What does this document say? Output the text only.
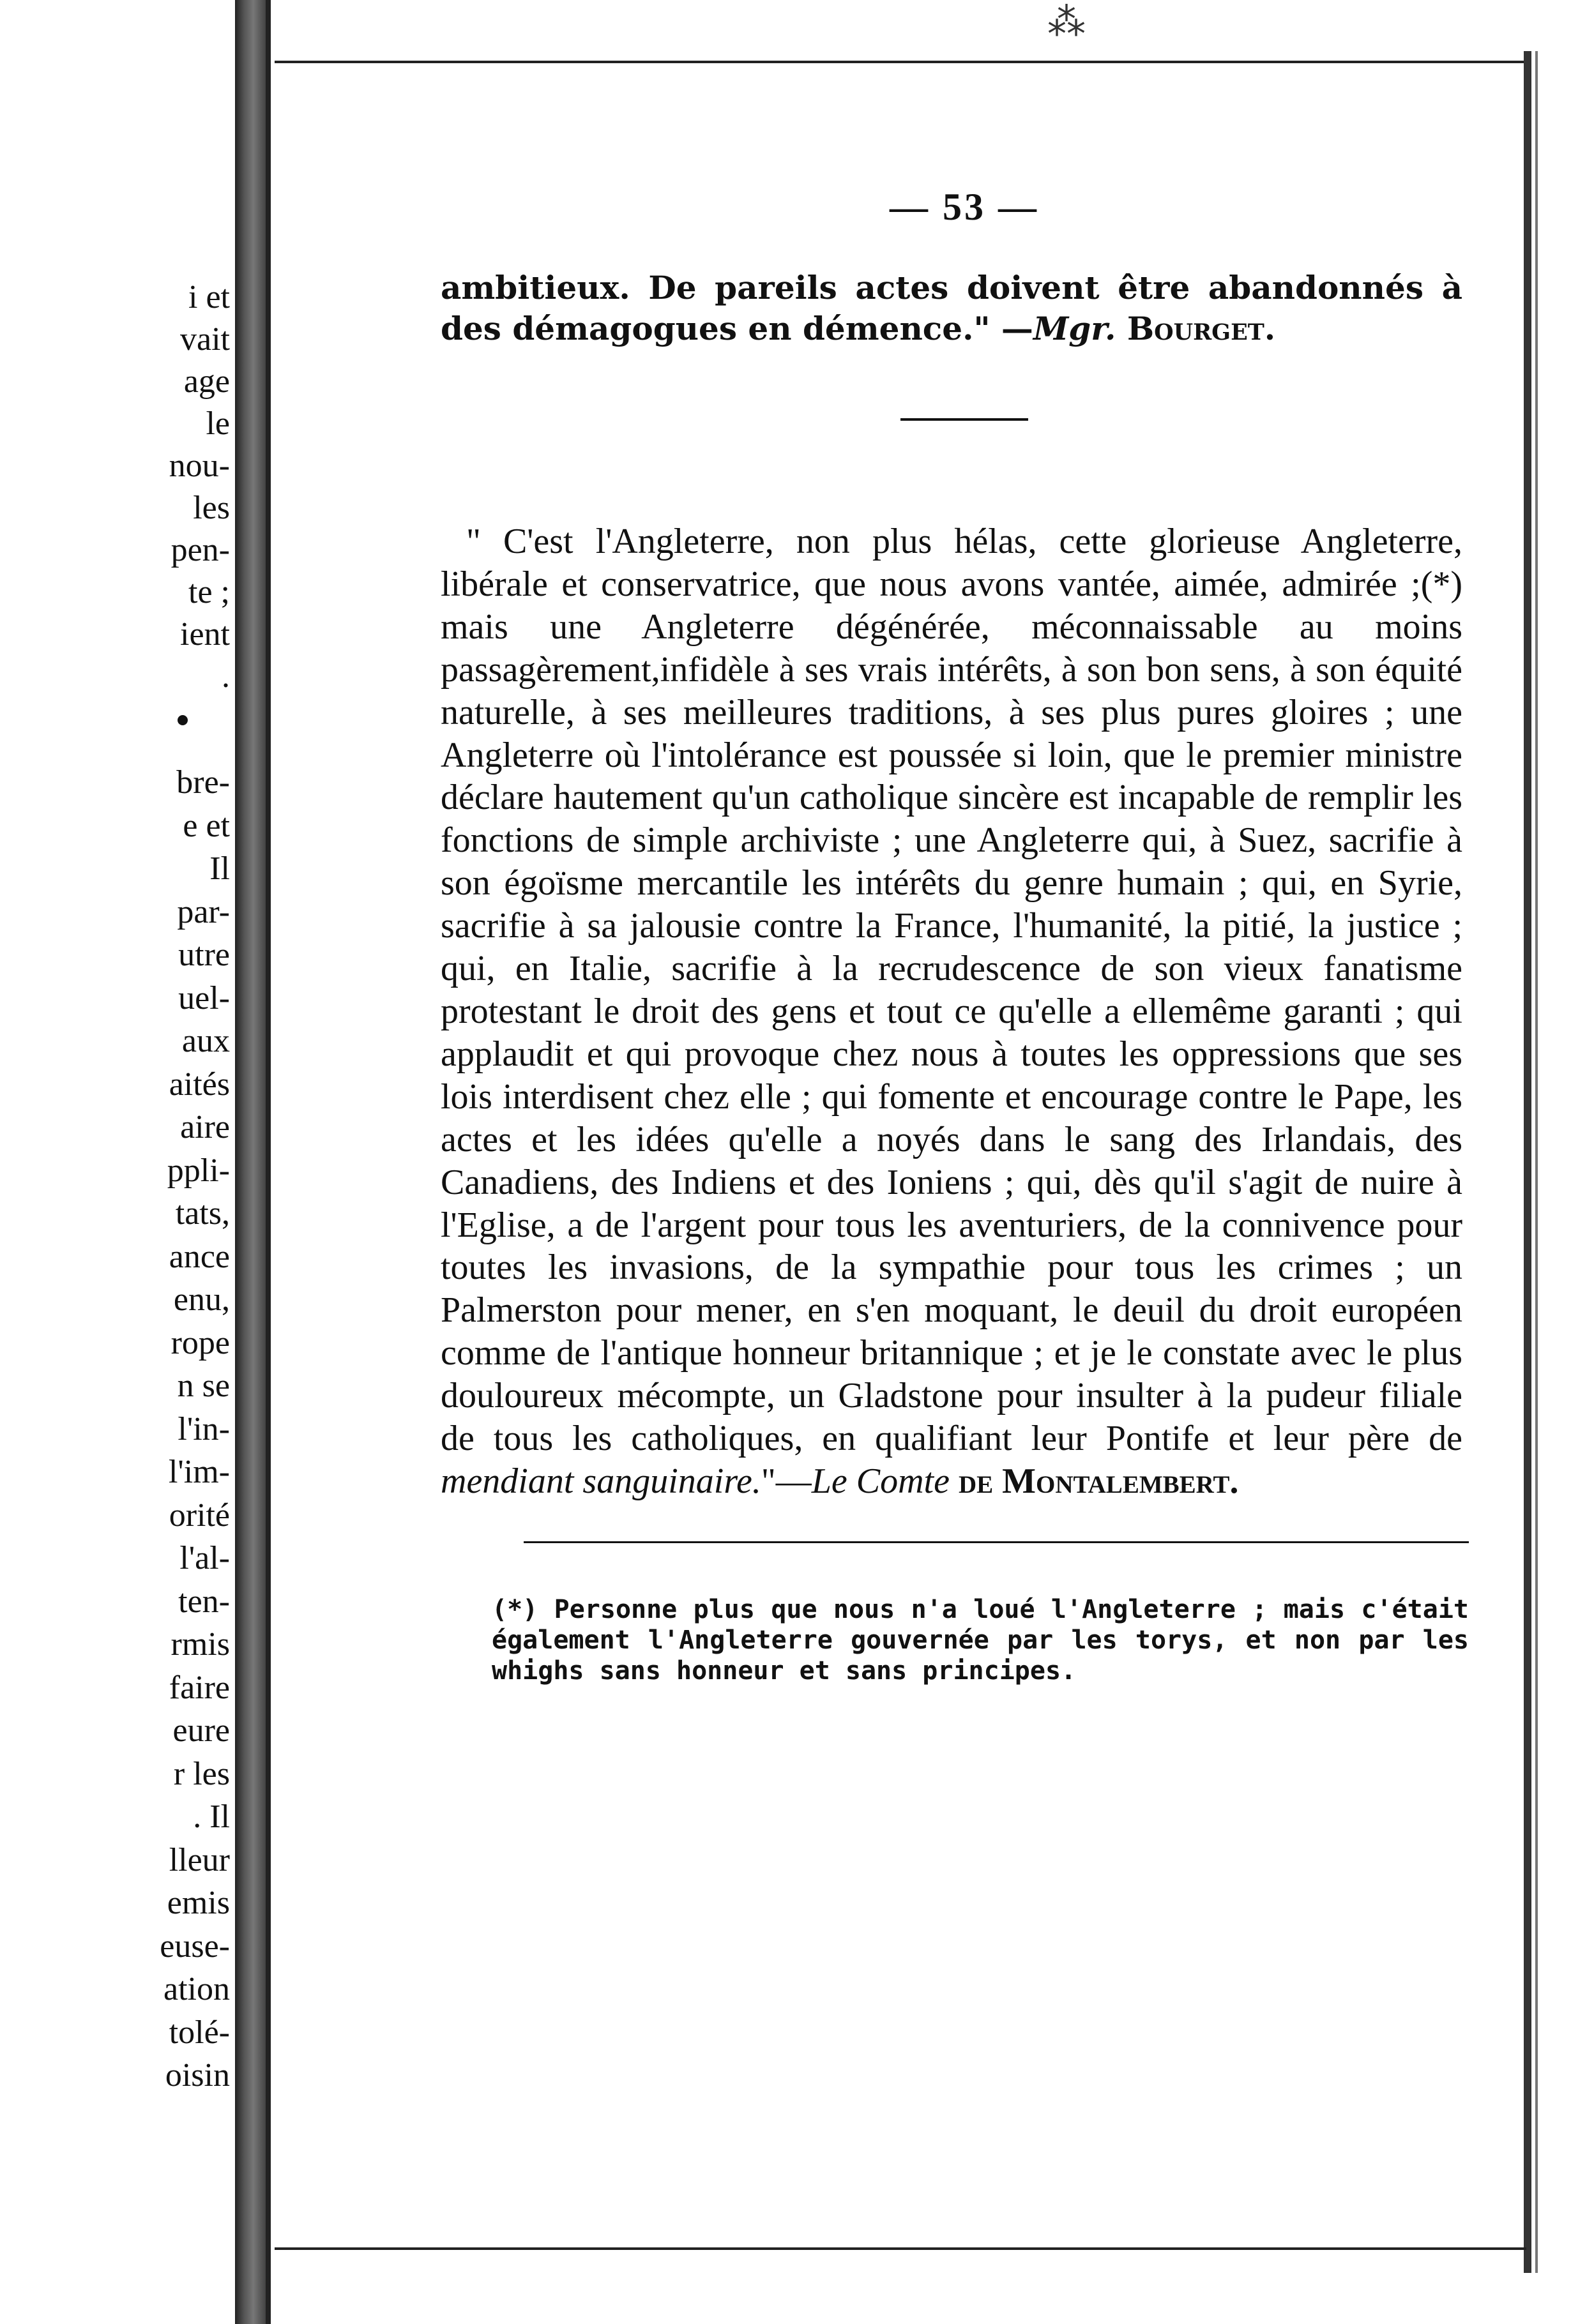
i et
vait
age
le
nou-
les
pen-
te ;
ient
.
bre-
e et
Il
par-
utre
uel-
aux
aités
aire
ppli-
tats,
ance
enu,
rope
n se
l'in-
l'im-
orité
l'al-
ten-
rmis
faire
eure
r les
. Il
lleur
emis
euse-
ation
tolé-
oisin
⁂
— 53 —

ambitieux. De pareils actes doivent être abandonnés à des démagogues en démence." —Mgr. Bourget.

" C'est l'Angleterre, non plus hélas, cette glorieuse Angleterre, libérale et conservatrice, que nous avons vantée, aimée, admirée ;(*) mais une Angleterre dégénérée, méconnaissable au moins passagèrement,infidèle à ses vrais intérêts, à son bon sens, à son équité naturelle, à ses meilleures traditions, à ses plus pures gloires ; une Angleterre où l'intolérance est poussée si loin, que le premier ministre déclare hautement qu'un catholique sincère est incapable de remplir les fonctions de simple archiviste ; une Angleterre qui, à Suez, sacrifie à son égoïsme mercantile les intérêts du genre humain ; qui, en Syrie, sacrifie à sa jalousie contre la France, l'humanité, la pitié, la justice ; qui, en Italie, sacrifie à la recrudescence de son vieux fanatisme protestant le droit des gens et tout ce qu'elle a ellemême garanti ; qui applaudit et qui provoque chez nous à toutes les oppressions que ses lois interdisent chez elle ; qui fomente et encourage contre le Pape, les actes et les idées qu'elle a noyés dans le sang des Irlandais, des Canadiens, des Indiens et des Ioniens ; qui, dès qu'il s'agit de nuire à l'Eglise, a de l'argent pour tous les aventuriers, de la connivence pour toutes les invasions, de la sympathie pour tous les crimes ; un Palmerston pour mener, en s'en moquant, le deuil du droit européen comme de l'antique honneur britannique ; et je le constate avec le plus douloureux mécompte, un Gladstone pour insulter à la pudeur filiale de tous les catholiques, en qualifiant leur Pontife et leur père de mendiant sanguinaire."—Le Comte de Montalembert.

(*) Personne plus que nous n'a loué l'Angleterre ; mais c'était également l'Angleterre gouvernée par les torys, et non par les whighs sans honneur et sans principes.
